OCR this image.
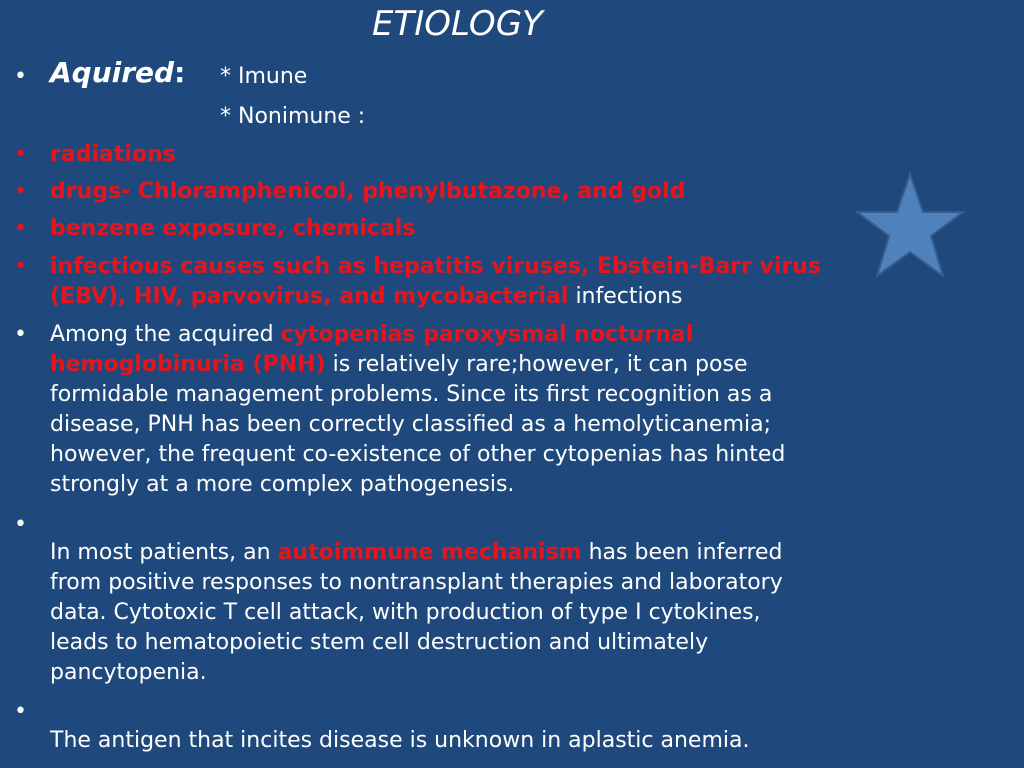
ETIOLOGY
• Aquired: * Imune
* Nonimune :
• radiations
• drugs- Chloramphenicol, phenylbutazone, and gold
• benzene exposure, chemicals
• infectious causes such as hepatitis viruses, Ebstein-Barr virus
(EBV), HIV, parvovirus, and mycobacterial infections
• Among the acquired cytopenias paroxysmal nocturnal
hemoglobinuria (PNH) is relatively rare;however, it can pose
formidable management problems. Since its first recognition as a
disease, PNH has been correctly classified as a hemolyticanemia;
however, the frequent co-existence of other cytopenias has hinted
strongly at a more complex pathogenesis.
•
In most patients, an autoimmune mechanism has been inferred
from positive responses to nontransplant therapies and laboratory
data. Cytotoxic T cell attack, with production of type I cytokines,
leads to hematopoietic stem cell destruction and ultimately
pancytopenia.
•
The antigen that incites disease is unknown in aplastic anemia.
